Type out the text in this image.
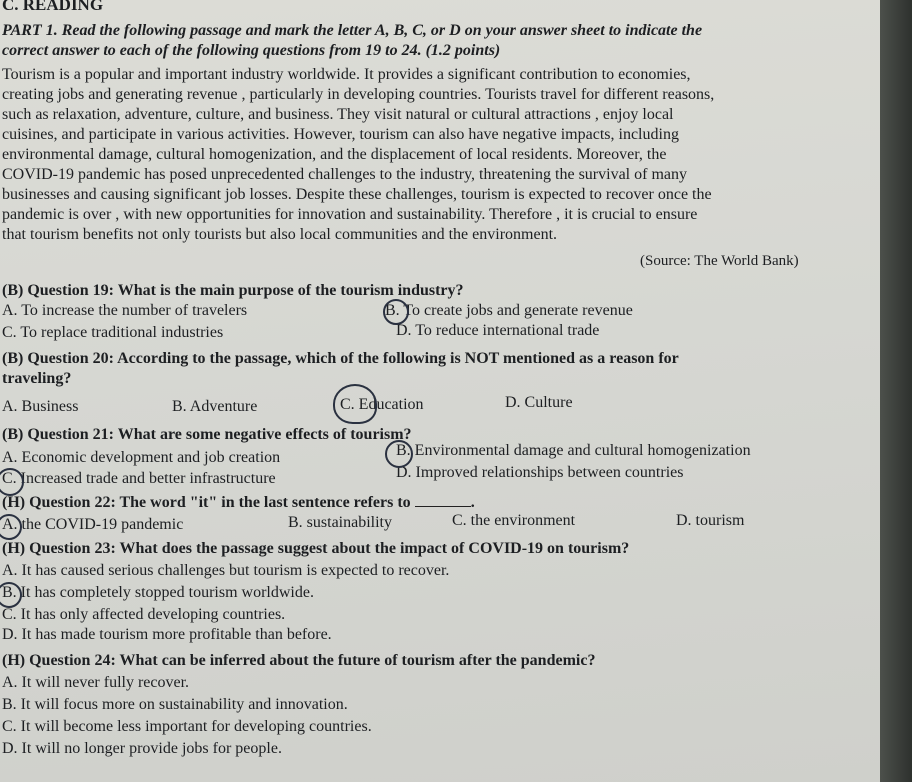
C. READING
PART 1. Read the following passage and mark the letter A, B, C, or D on your answer sheet to indicate the
correct answer to each of the following questions from 19 to 24. (1.2 points)
Tourism is a popular and important industry worldwide. It provides a significant contribution to economies,
creating jobs and generating revenue , particularly in developing countries. Tourists travel for different reasons,
such as relaxation, adventure, culture, and business. They visit natural or cultural attractions , enjoy local
cuisines, and participate in various activities. However, tourism can also have negative impacts, including
environmental damage, cultural homogenization, and the displacement of local residents. Moreover, the
COVID-19 pandemic has posed unprecedented challenges to the industry, threatening the survival of many
businesses and causing significant job losses. Despite these challenges, tourism is expected to recover once the
pandemic is over , with new opportunities for innovation and sustainability. Therefore , it is crucial to ensure
that tourism benefits not only tourists but also local communities and the environment.
(Source: The World Bank)
(B) Question 19: What is the main purpose of the tourism industry?
A. To increase the number of travelers	B. To create jobs and generate revenue
C. To replace traditional industries	D. To reduce international trade
(B) Question 20: According to the passage, which of the following is NOT mentioned as a reason for
traveling?
A. Business	B. Adventure	C. Education	D. Culture
(B) Question 21: What are some negative effects of tourism?
A. Economic development and job creation	B. Environmental damage and cultural homogenization
C. Increased trade and better infrastructure	D. Improved relationships between countries
(H) Question 22: The word "it" in the last sentence refers to	.
A. the COVID-19 pandemic	B. sustainability	C. the environment	D. tourism
(H) Question 23: What does the passage suggest about the impact of COVID-19 on tourism?
A. It has caused serious challenges but tourism is expected to recover.
B. It has completely stopped tourism worldwide.
C. It has only affected developing countries.
D. It has made tourism more profitable than before.
(H) Question 24: What can be inferred about the future of tourism after the pandemic?
A. It will never fully recover.
B. It will focus more on sustainability and innovation.
C. It will become less important for developing countries.
D. It will no longer provide jobs for people.
